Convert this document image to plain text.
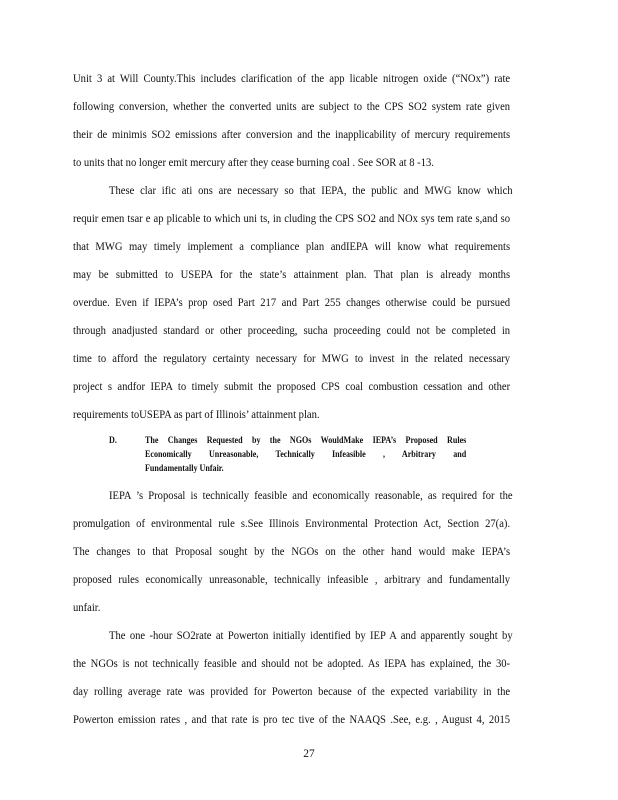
Unit 3 at Will County.This includes clarification of the app licable nitrogen oxide (“NOx”) rate
following conversion, whether the converted units are subject to the CPS SO2 system rate given
their de minimis SO2 emissions after conversion and the inapplicability of mercury requirements
to units that no longer emit mercury after they cease burning coal . See SOR at 8 -13.
These clar ific ati ons are necessary so that IEPA, the public and MWG know which
requir emen tsar e ap plicable to which uni ts, in cluding the CPS SO2 and NOx sys tem rate s,and so
that MWG may timely implement a compliance plan andIEPA will know what requirements
may be submitted to USEPA for the state’s attainment plan. That plan is already months
overdue. Even if IEPA’s prop osed Part 217 and Part 255 changes otherwise could be pursued
through anadjusted standard or other proceeding, sucha proceeding could not be completed in
time to afford the regulatory certainty necessary for MWG to invest in the related necessary
project s andfor IEPA to timely submit the proposed CPS coal combustion cessation and other
requirements toUSEPA as part of Illinois’ attainment plan.
D.	The Changes Requested by the NGOs WouldMake IEPA’s Proposed Rules
Economically Unreasonable, Technically Infeasible , Arbitrary and
Fundamentally Unfair.
IEPA ’s Proposal is technically feasible and economically reasonable, as required for the
promulgation of environmental rule s.See Illinois Environmental Protection Act, Section 27(a).
The changes to that Proposal sought by the NGOs on the other hand would make IEPA’s
proposed rules economically unreasonable, technically infeasible , arbitrary and fundamentally
unfair.
The one -hour SO2rate at Powerton initially identified by IEP A and apparently sought by
the NGOs is not technically feasible and should not be adopted. As IEPA has explained, the 30-
day rolling average rate was provided for Powerton because of the expected variability in the
Powerton emission rates , and that rate is pro tec tive of the NAAQS .See, e.g. , August 4, 2015
27
